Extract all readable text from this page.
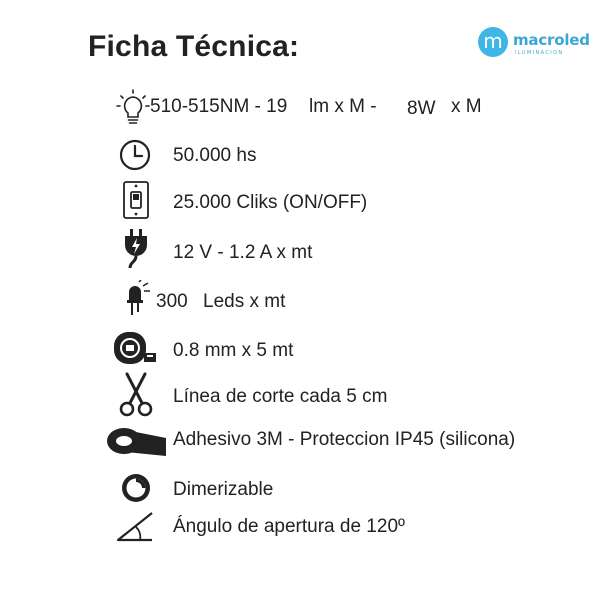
Ficha Técnica:	m macroled
ILUMINACION
510-515NM - 19 lm x M - 8W x M
50.000 hs
25.000 Cliks (ON/OFF)
12 V - 1.2 A x mt
300 Leds x mt
0.8 mm x 5 mt
Línea de corte cada 5 cm
Adhesivo 3M - Proteccion IP45 (silicona)
Dimerizable
Ángulo de apertura de 120º
